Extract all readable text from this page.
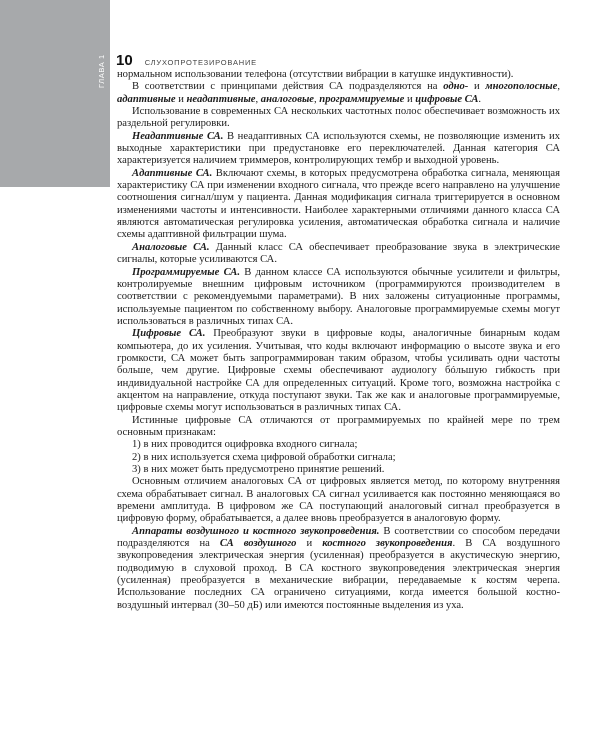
ГЛАВА 1 10 СЛУХОПРОТЕЗИРОВАНИЕ

нормальном использовании телефона (отсутствии вибрации в катушке индуктивности).

В соответствии с принципами действия СА подразделяются на одно- и многополосные, адаптивные и неадаптивные, аналоговые, программируемые и цифровые СА.

Использование в современных СА нескольких частотных полос обеспечивает возможность их раздельной регулировки.

Неадаптивные СА. В неадаптивных СА используются схемы, не позволяющие изменить их выходные характеристики при предустановке его переключателей. Данная категория СА характеризуется наличием триммеров, контролирующих тембр и выходной уровень.

Адаптивные СА. Включают схемы, в которых предусмотрена обработка сигнала, меняющая характеристику СА при изменении входного сигнала, что прежде всего направлено на улучшение соотношения сигнал/шум у пациента. Данная модификация сигнала триггерируется в основном изменениями частоты и интенсивности. Наиболее характерными отличиями данного класса СА являются автоматическая регулировка усиления, автоматическая обработка сигнала и наличие схемы адаптивной фильтрации шума.

Аналоговые СА. Данный класс СА обеспечивает преобразование звука в электрические сигналы, которые усиливаются СА.

Программируемые СА. В данном классе СА используются обычные усилители и фильтры, контролируемые внешним цифровым источником (программируются производителем в соответствии с рекомендуемыми параметрами). В них заложены ситуационные программы, используемые пациентом по собственному выбору. Аналоговые программируемые схемы могут использоваться в различных типах СА.

Цифровые СА. Преобразуют звуки в цифровые коды, аналогичные бинарным кодам компьютера, до их усиления. Учитывая, что коды включают информацию о высоте звука и его громкости, СА может быть запрограммирован таким образом, чтобы усиливать одни частоты больше, чем другие. Цифровые схемы обеспечивают аудиологу бóльшую гибкость при индивидуальной настройке СА для определенных ситуаций. Кроме того, возможна настройка с акцентом на направление, откуда поступают звуки. Так же как и аналоговые программируемые, цифровые схемы могут использоваться в различных типах СА.

Истинные цифровые СА отличаются от программируемых по крайней мере по трем основным признакам:

1) в них проводится оцифровка входного сигнала;

2) в них используется схема цифровой обработки сигнала;

3) в них может быть предусмотрено принятие решений.

Основным отличием аналоговых СА от цифровых является метод, по которому внутренняя схема обрабатывает сигнал. В аналоговых СА сигнал усиливается как постоянно меняющаяся во времени амплитуда. В цифровом же СА поступающий аналоговый сигнал преобразуется в цифровую форму, обрабатывается, а далее вновь преобразуется в аналоговую форму.

Аппараты воздушного и костного звукопроведения. В соответствии со способом передачи подразделяются на СА воздушного и костного звукопроведения. В СА воздушного звукопроведения электрическая энергия (усиленная) преобразуется в акустическую энергию, подводимую в слуховой проход. В СА костного звукопроведения электрическая энергия (усиленная) преобразуется в механические вибрации, передаваемые к костям черепа. Использование последних СА ограничено ситуациями, когда имеется большой костно-воздушный интервал (30–50 дБ) или имеются постоянные выделения из уха.
